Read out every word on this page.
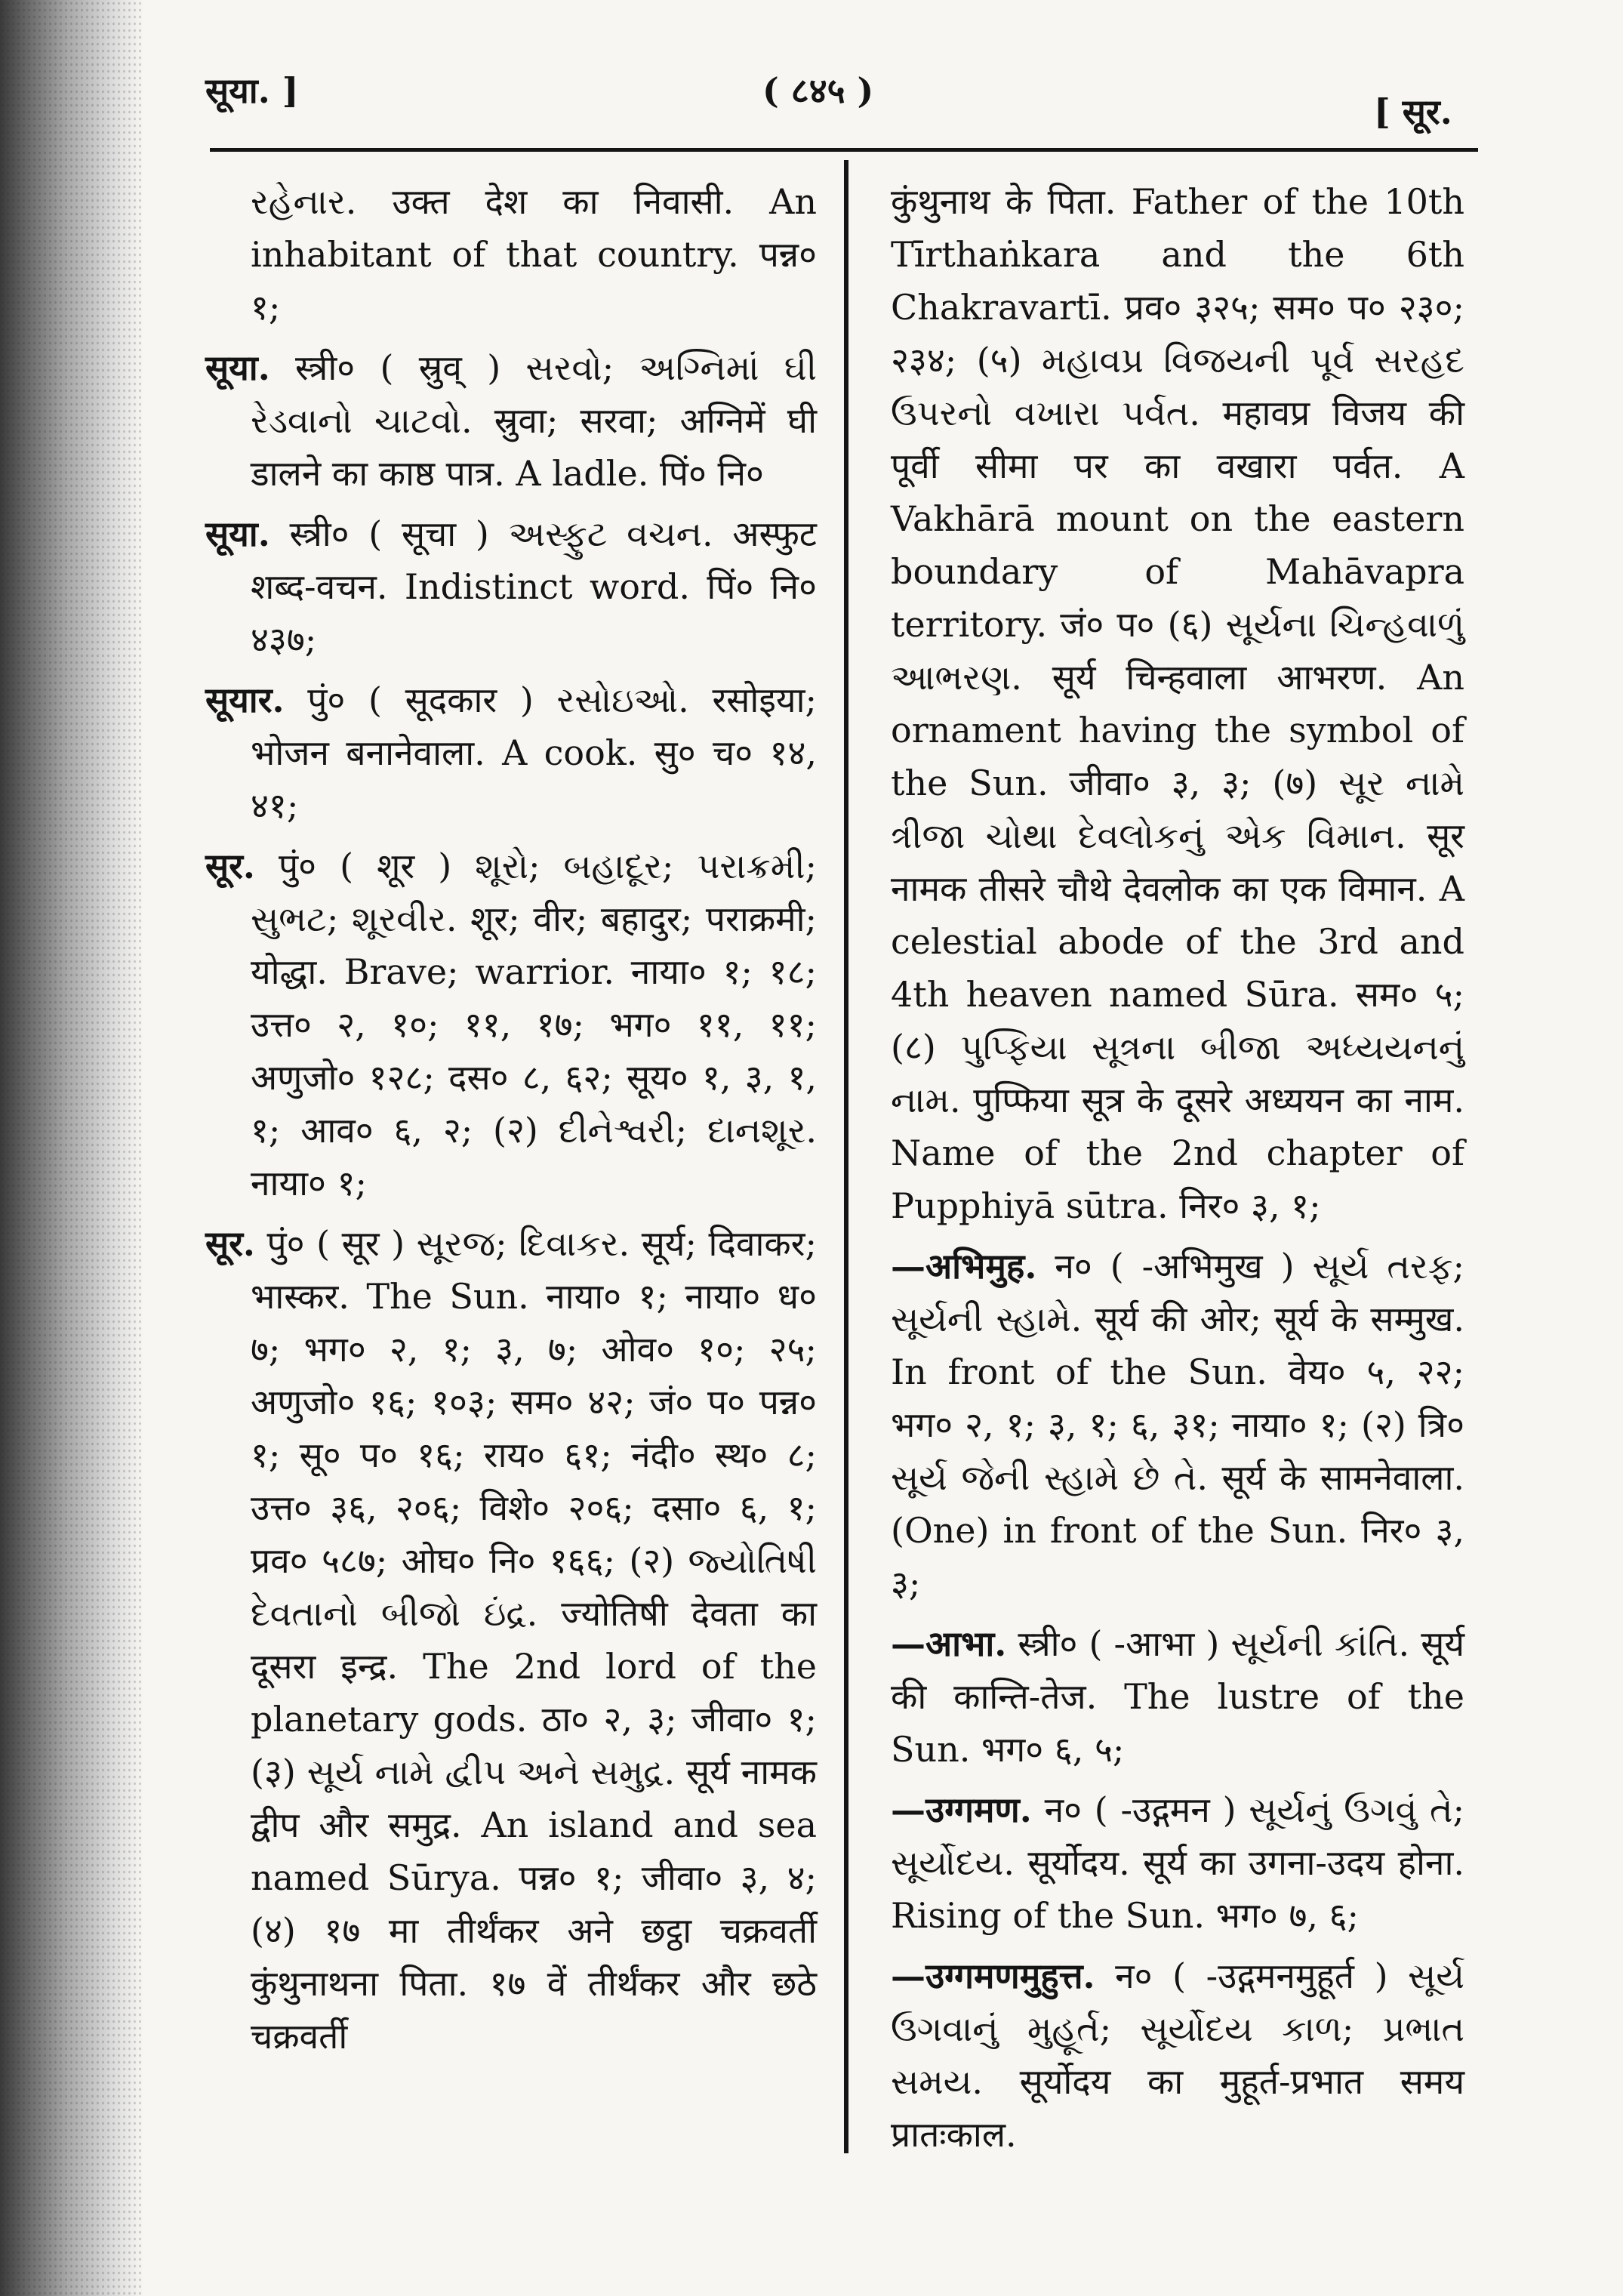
सूया. ]	( ८४५ )
[ सूर.

રહેનાર. उक्त देश का निवासी. An inhabitant of that country. पन्न० १;

सूया. स्त्री० ( स्रुव् ) સરવો; અગ્નિમાં ઘી રેડવાનો ચાટવો. स्रुवा; सरवा; अग्निमें घी डालने का काष्ठ पात्र. A ladle. पिं० नि०

सूया. स्त्री० ( सूचा ) અસ્ફુટ વચન. अस्फुट शब्द-वचन. Indistinct word. पिं० नि० ४३७;

सूयार. पुं० ( सूदकार ) રસોઇઓ. रसोइया; भोजन बनानेवाला. A cook. सु० च० १४, ४१;

सूर. पुं० ( शूर ) શૂરો; બહાદૂર; પરાક્રમી; સુભટ; શૂરવીર. शूर; वीर; बहादुर; पराक्रमी; योद्धा. Brave; warrior. नाया० १; १८; उत्त० २, १०; ११, १७; भग० ११, ११; अणुजो० १२८; दस० ८, ६२; सूय० १, ३, १, १; आव० ६, २; (२) દીનેશ્વરી; દાનશૂર. नाया० १;

सूर. पुं० ( सूर ) સૂરજ; દિવાકર. सूर्य; दिवाकर; भास्कर. The Sun. नाया० १; नाया० ध० ७; भग० २, १; ३, ७; ओव० १०; २५; अणुजो० १६; १०३; सम० ४२; जं० प० पन्न० १; सू० प० १६; राय० ६१; नंदी० स्थ० ८; उत्त० ३६, २०६; विशे० २०६; दसा० ६, १; प्रव० ५८७; ओघ० नि० १६६; (२) જ્યોતિષી દેવતાનો બીજો ઇંદ્ર. ज्योतिषी देवता का दूसरा इन्द्र. The 2nd lord of the planetary gods. ठा० २, ३; जीवा० १; (३) સૂર્ય નામે દ્વીપ અને સમુદ્ર. सूर्य नामक द्वीप और समुद्र. An island and sea named Sūrya. पन्न० १; जीवा० ३, ४; (४) १७ मा तीर्थंकर अने छट्ठा चक्रवर्ती कुंथुनाथना पिता. १७ वें तीर्थंकर और छठे चक्रवर्ती

कुंथुनाथ के पिता. Father of the 10th Tīrthaṅkara and the 6th Chakravartī. प्रव० ३२५; सम० प० २३०; २३४; (५) મહાવપ્ર વિજયની પૂર્વ સરહદ ઉપરનો વખારા પર્વત. महावप्र विजय की पूर्वी सीमा पर का वखारा पर्वत. A Vakhārā mount on the eastern boundary of Mahāvapra territory. जं० प० (६) સૂર્યના ચિન્હવાળું આભરણ. सूर्य चिन्हवाला आभरण. An ornament having the symbol of the Sun. जीवा० ३, ३; (७) સૂર નામે ત્રીજા ચોથા દેવલોકનું એક વિમાન. सूर नामक तीसरे चौथे देवलोक का एक विमान. A celestial abode of the 3rd and 4th heaven named Sūra. सम० ५; (८) પુપ્ફિયા સૂત્રના બીજા અધ્યયનનું નામ. पुप्फिया सूत्र के दूसरे अध्ययन का नाम. Name of the 2nd chapter of Pupphiyā sūtra. निर० ३, १;

—अभिमुह. न० ( -अभिमुख ) સૂર્ય તરફ; સૂર્યની સ્હામે. सूर्य की ओर; सूर्य के सम्मुख. In front of the Sun. वेय० ५, २२; भग० २, १; ३, १; ६, ३१; नाया० १; (२) त्रि० સૂર્ય જેની સ્હામે છે તે. सूर्य के सामनेवाला. (One) in front of the Sun. निर० ३, ३;

—आभा. स्त्री० ( -आभा ) સૂર્યની કાંતિ. सूर्य की कान्ति-तेज. The lustre of the Sun. भग० ६, ५;

—उग्गमण. न० ( -उद्गमन ) સૂર્યનું ઉગવું તે; સૂર્યોદય. सूर्योदय. सूर्य का उगना-उदय होना. Rising of the Sun. भग० ७, ६;

—उग्गमणमुहुत्त. न० ( -उद्गमनमुहूर्त ) સૂર્ય ઉગવાનું મુહૂર્ત; સૂર્યોદય કાળ; પ્રભાત સમય. सूर्योदय का मुहूर्त-प्रभात समय प्रातःकाल.
